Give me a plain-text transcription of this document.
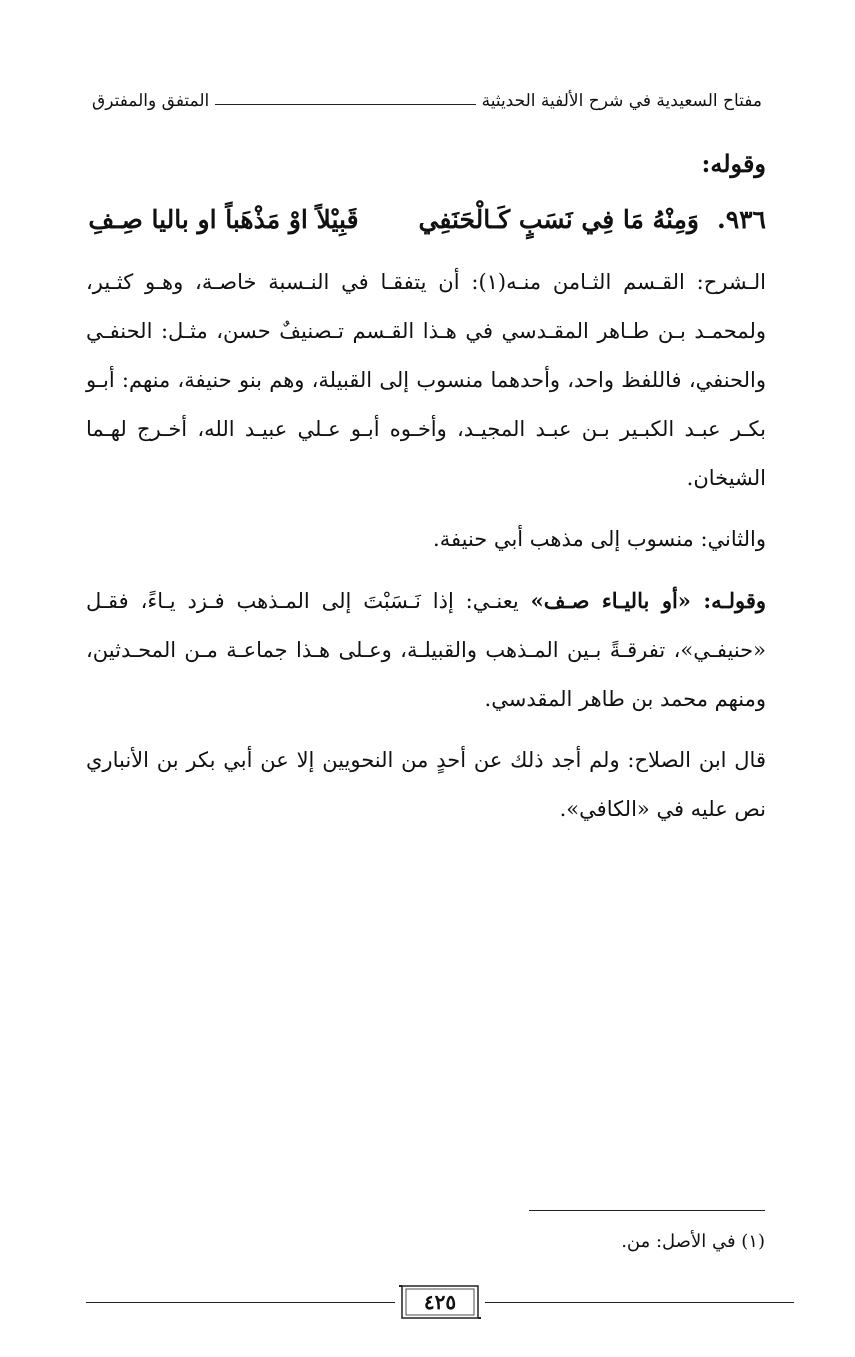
مفتاح السعيدية في شرح الألفية الحديثية
المتفق والمفترق

وقوله:

٩٣٦.
وَمِنْهُ مَا فِي نَسَبٍ كَـالْحَنَفِي
قَبِيْلاً اوْ مَذْهَباً او باليا صِـفِ

الـشرح: القـسم الثـامن منـه(١): أن يتفقـا في النـسبة خاصـة، وهـو كثـير، ولمحمـد بـن طـاهر المقـدسي في هـذا القـسم تـصنيفٌ حسن، مثـل: الحنفـي والحنفي، فاللفظ واحد، وأحدهما منسوب إلى القبيلة، وهم بنو حنيفة، منهم: أبـو بكـر عبـد الكبـير بـن عبـد المجيـد، وأخـوه أبـو عـلي عبيـد الله، أخـرج لهـما الشيخان.

والثاني: منسوب إلى مذهب أبي حنيفة.

وقولـه: «أو باليـاء صـف» يعنـي: إذا نَـسَبْتَ إلى المـذهب فـزد يـاءً، فقـل «حنيفـي»، تفرقـةً بـين المـذهب والقبيلـة، وعـلى هـذا جماعـة مـن المحـدثين، ومنهم محمد بن طاهر المقدسي.

قال ابن الصلاح: ولم أجد ذلك عن أحدٍ من النحويين إلا عن أبي بكر بن الأنباري نص عليه في «الكافي».

(١) في الأصل: من.
٤٢٥
